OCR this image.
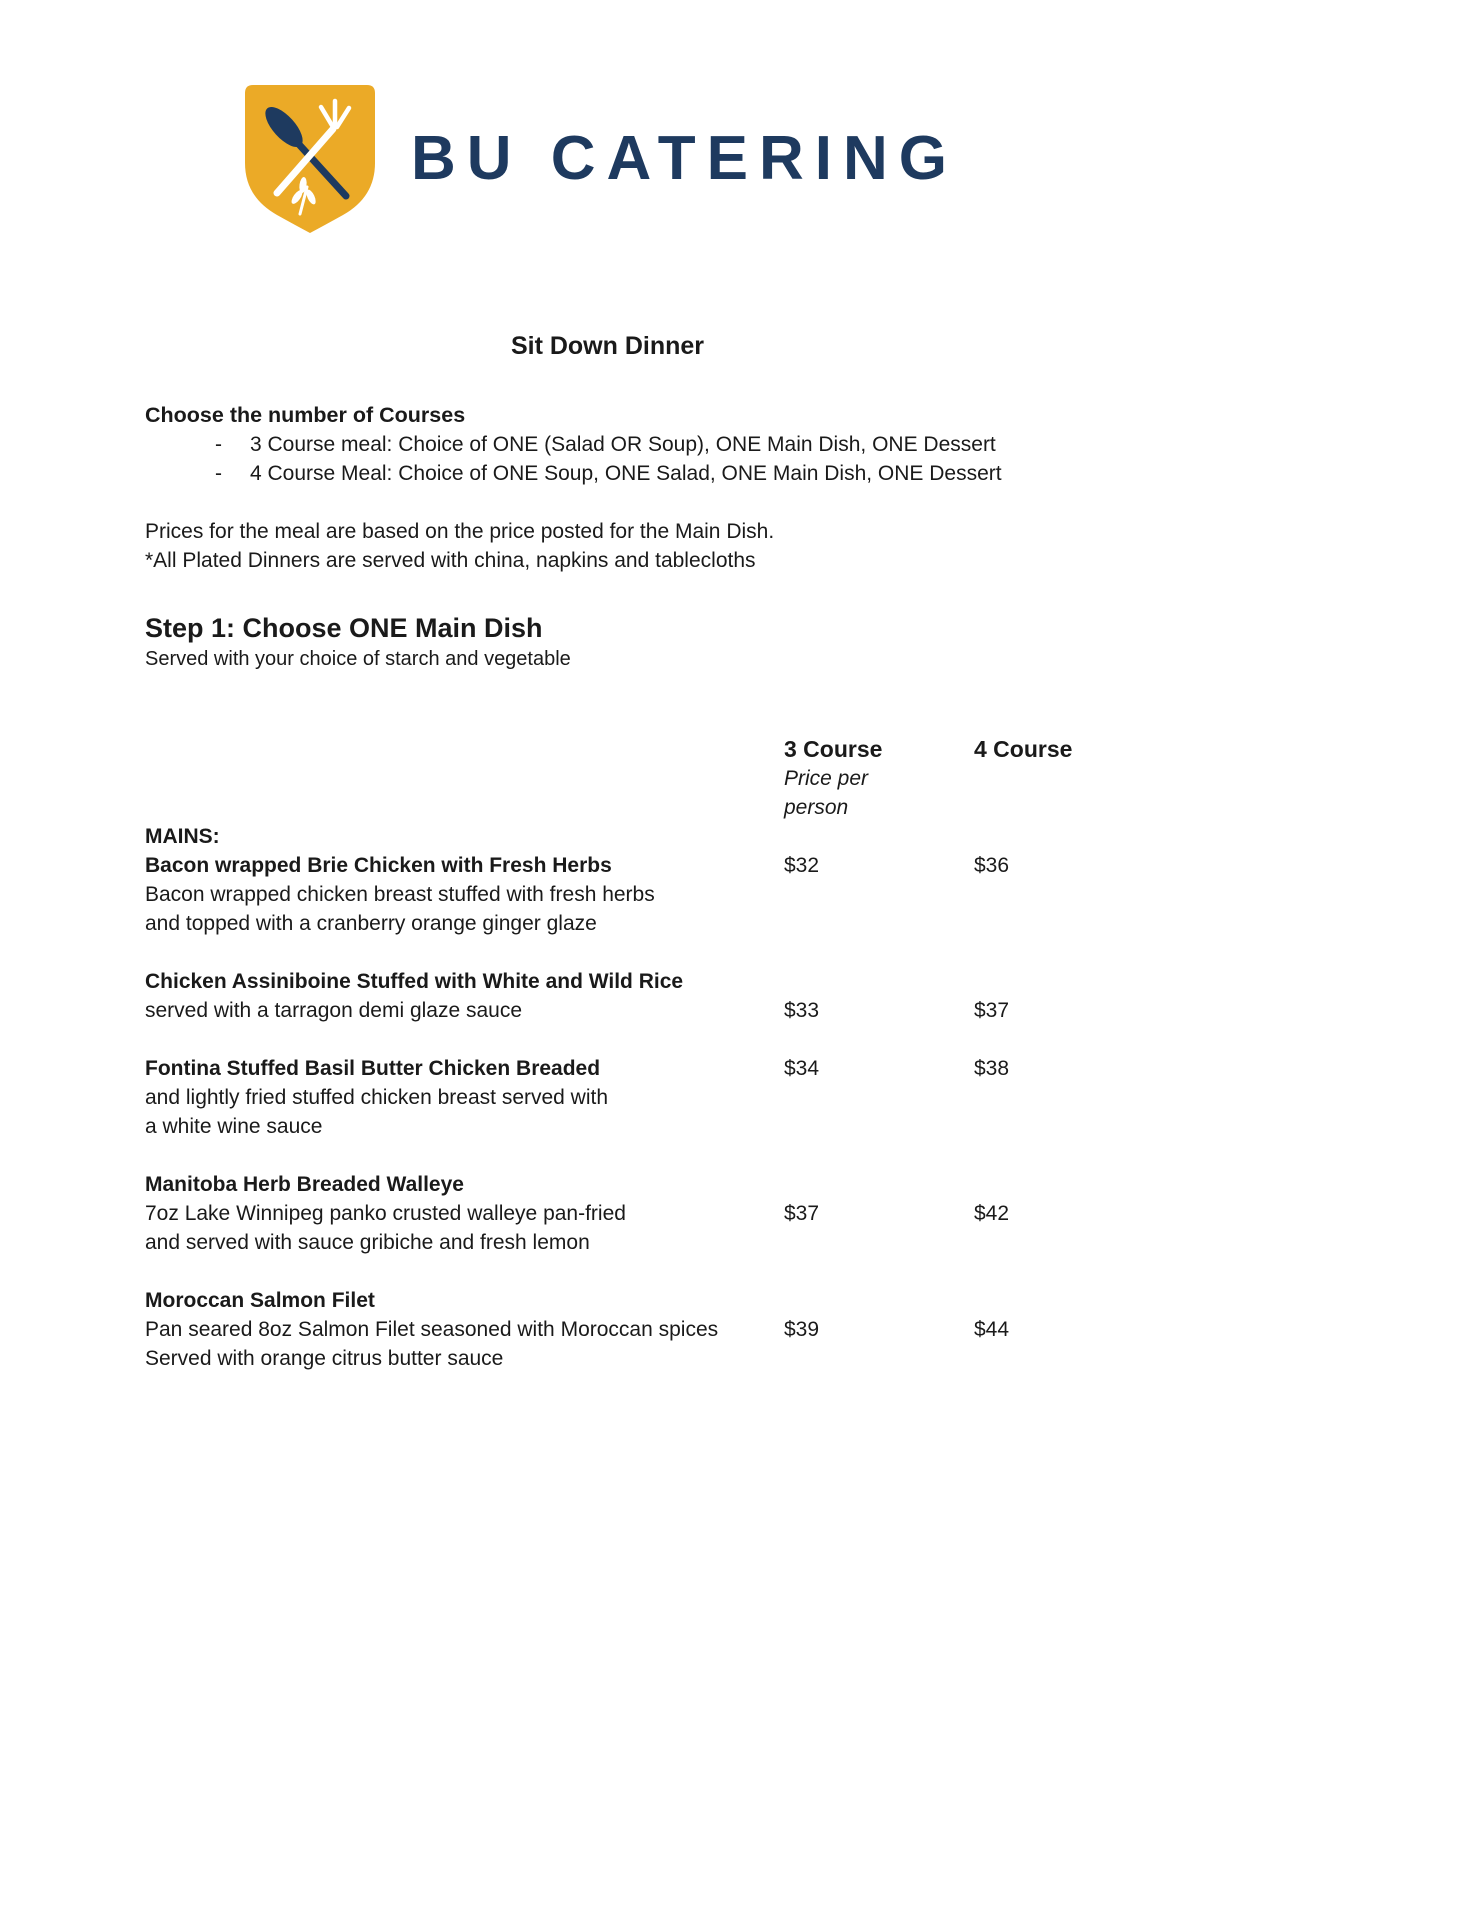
BU CATERING
Sit Down Dinner
Choose the number of Courses
-	3 Course meal: Choice of ONE (Salad OR Soup), ONE Main Dish, ONE Dessert
-	4 Course Meal: Choice of ONE Soup, ONE Salad, ONE Main Dish, ONE Dessert
Prices for the meal are based on the price posted for the Main Dish.
*All Plated Dinners are served with china, napkins and tablecloths
Step 1: Choose ONE Main Dish
Served with your choice of starch and vegetable
3 Course	4 Course
Price per person
MAINS:
Bacon wrapped Brie Chicken with Fresh Herbs
Bacon wrapped chicken breast stuffed with fresh herbs
and topped with a cranberry orange ginger glaze
$32	$36
Chicken Assiniboine Stuffed with White and Wild Rice
served with a tarragon demi glaze sauce	$33	$37
Fontina Stuffed Basil Butter Chicken Breaded
and lightly fried stuffed chicken breast served with
a white wine sauce
$34	$38
Manitoba Herb Breaded Walleye
7oz Lake Winnipeg panko crusted walleye pan-fried
and served with sauce gribiche and fresh lemon
$37	$42
Moroccan Salmon Filet
Pan seared 8oz Salmon Filet seasoned with Moroccan spices
Served with orange citrus butter sauce
$39	$44
